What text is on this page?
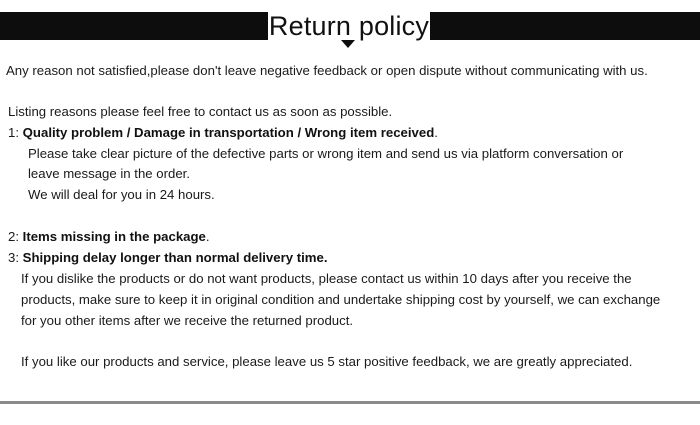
Return policy
Any reason not satisfied,please don't leave negative feedback or open dispute without communicating with us.
Listing reasons please feel free to contact us as soon as possible.
1: Quality problem / Damage in transportation / Wrong item received.
Please take clear picture of the defective parts or wrong item and send us via platform conversation or
leave message in the order.
We will deal for you in 24 hours.
2: Items missing in the package.
3: Shipping delay longer than normal delivery time.
If you dislike the products or do not want products, please contact us within 10 days after you receive the
products, make sure to keep it in original condition and undertake shipping cost by yourself, we can exchange
for you other items after we receive the returned product.
If you like our products and service, please leave us 5 star positive feedback, we are greatly appreciated.
